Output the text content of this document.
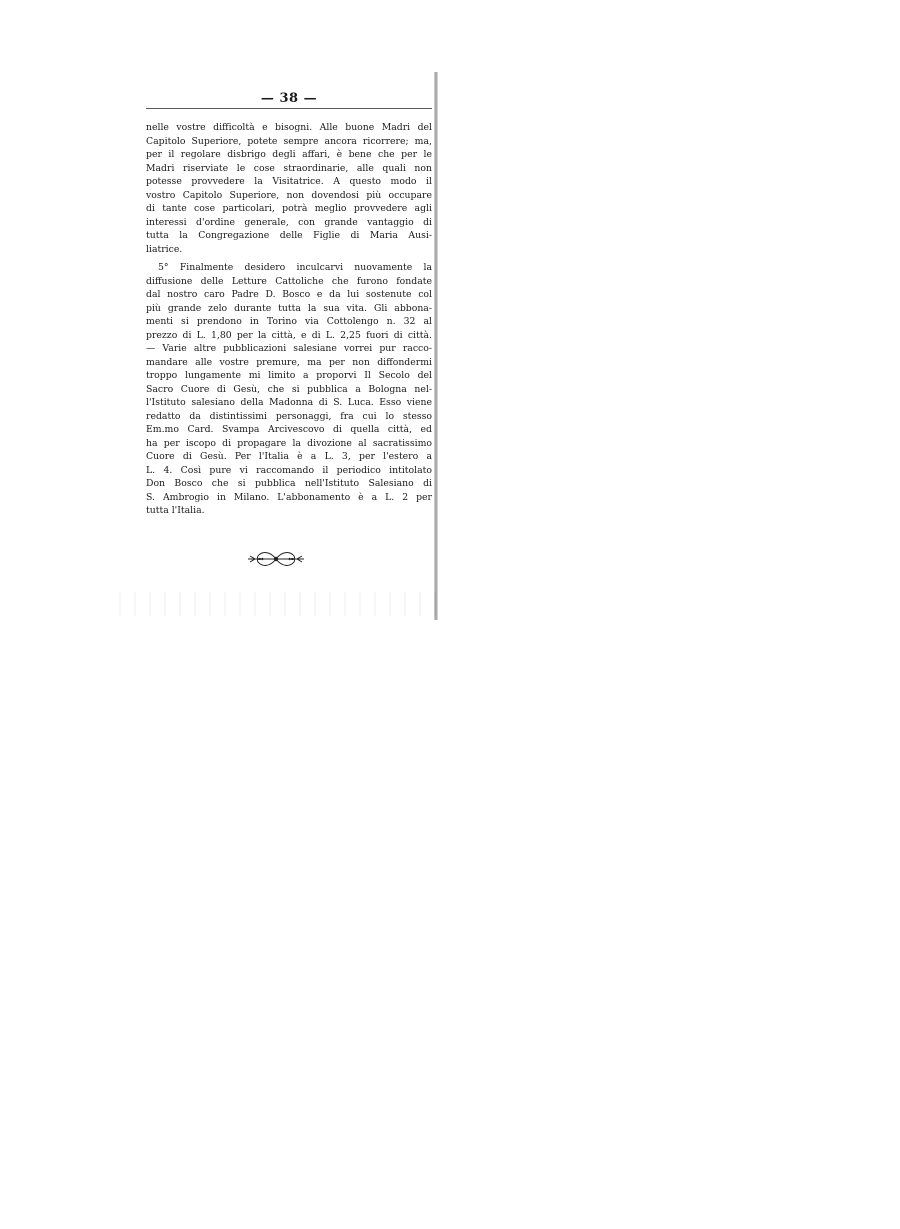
— 38 —
nelle vostre difficoltà e bisogni. Alle buone Madri del
Capitolo Superiore, potete sempre ancora ricorrere; ma,
per il regolare disbrigo degli affari, è bene che per le
Madri riserviate le cose straordinarie, alle quali non
potesse provvedere la Visitatrice. A questo modo il
vostro Capitolo Superiore, non dovendosi più occupare
di tante cose particolari, potrà meglio provvedere agli
interessi d'ordine generale, con grande vantaggio di
tutta la Congregazione delle Figlie di Maria Ausi-
liatrice.
5° Finalmente desidero inculcarvi nuovamente la
diffusione delle Letture Cattoliche che furono fondate
dal nostro caro Padre D. Bosco e da lui sostenute col
più grande zelo durante tutta la sua vita. Gli abbona-
menti si prendono in Torino via Cottolengo n. 32 al
prezzo di L. 1,80 per la città, e di L. 2,25 fuori di città.
— Varie altre pubblicazioni salesiane vorrei pur racco-
mandare alle vostre premure, ma per non diffondermi
troppo lungamente mi limito a proporvi Il Secolo del
Sacro Cuore di Gesù, che si pubblica a Bologna nel-
l'Istituto salesiano della Madonna di S. Luca. Esso viene
redatto da distintissimi personaggi, fra cui lo stesso
Em.mo Card. Svampa Arcivescovo di quella città, ed
ha per iscopo di propagare la divozione al sacratissimo
Cuore di Gesù. Per l'Italia è a L. 3, per l'estero a
L. 4. Così pure vi raccomando il periodico intitolato
Don Bosco che si pubblica nell'Istituto Salesiano di
S. Ambrogio in Milano. L'abbonamento è a L. 2 per
tutta l'Italia.
